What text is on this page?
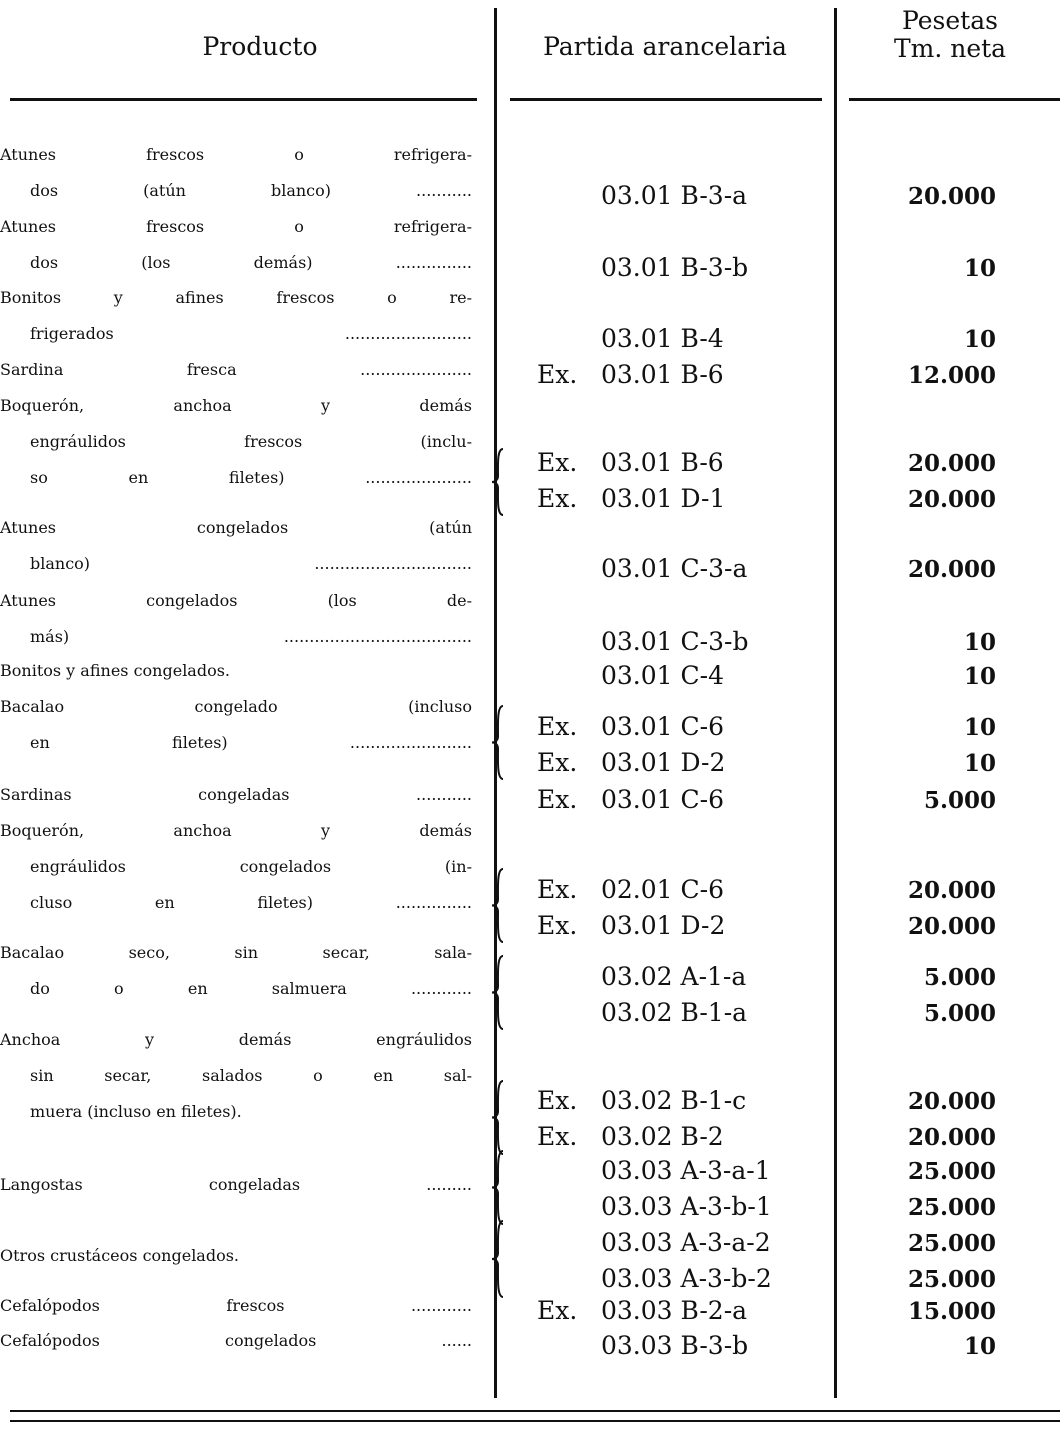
Producto	Partida arancelaria
Pesetas
Tm. neta
Atunes frescos o refrigera-
dos (atún blanco) ...........	03.01 B-3-a	20.000
Atunes frescos o refrigera-
dos (los demás) ...............	03.01 B-3-b	10
Bonitos y afines frescos o re-
frigerados .........................	03.01 B-4	10
Sardina fresca ......................	Ex. 03.01 B-6	12.000
Boquerón, anchoa y demás
engráulidos frescos (inclu-
so en filetes) .....................
Ex. 03.01 B-6	20.000
Ex. 03.01 D-1	20.000
Atunes congelados (atún
blanco) ...............................	03.01 C-3-a	20.000
Atunes congelados (los de-
más) .....................................	03.01 C-3-b	10
Bonitos y afines congelados.	03.01 C-4	10
Bacalao congelado (incluso
en filetes) ........................
Ex. 03.01 C-6	10
Ex. 03.01 D-2	10
Sardinas congeladas ...........	Ex. 03.01 C-6	5.000
Boquerón, anchoa y demás
engráulidos congelados (in-
cluso en filetes) ...............	Ex. 02.01 C-6	20.000
Ex. 03.01 D-2	20.000
Bacalao seco, sin secar, sala-
do o en salmuera ............	03.02 A-1-a	5.000
03.02 B-1-a	5.000
Anchoa y demás engráulidos
sin secar, salados o en sal-
muera (incluso en filetes).	Ex. 03.02 B-1-c	20.000
Ex. 03.02 B-2	20.000
Langostas congeladas .........	03.03 A-3-a-1	25.000
03.03 A-3-b-1	25.000
Otros crustáceos congelados.	03.03 A-3-a-2	25.000
03.03 A-3-b-2	25.000
Cefalópodos frescos ............	Ex. 03.03 B-2-a	15.000
Cefalópodos congelados ......	03.03 B-3-b	10
